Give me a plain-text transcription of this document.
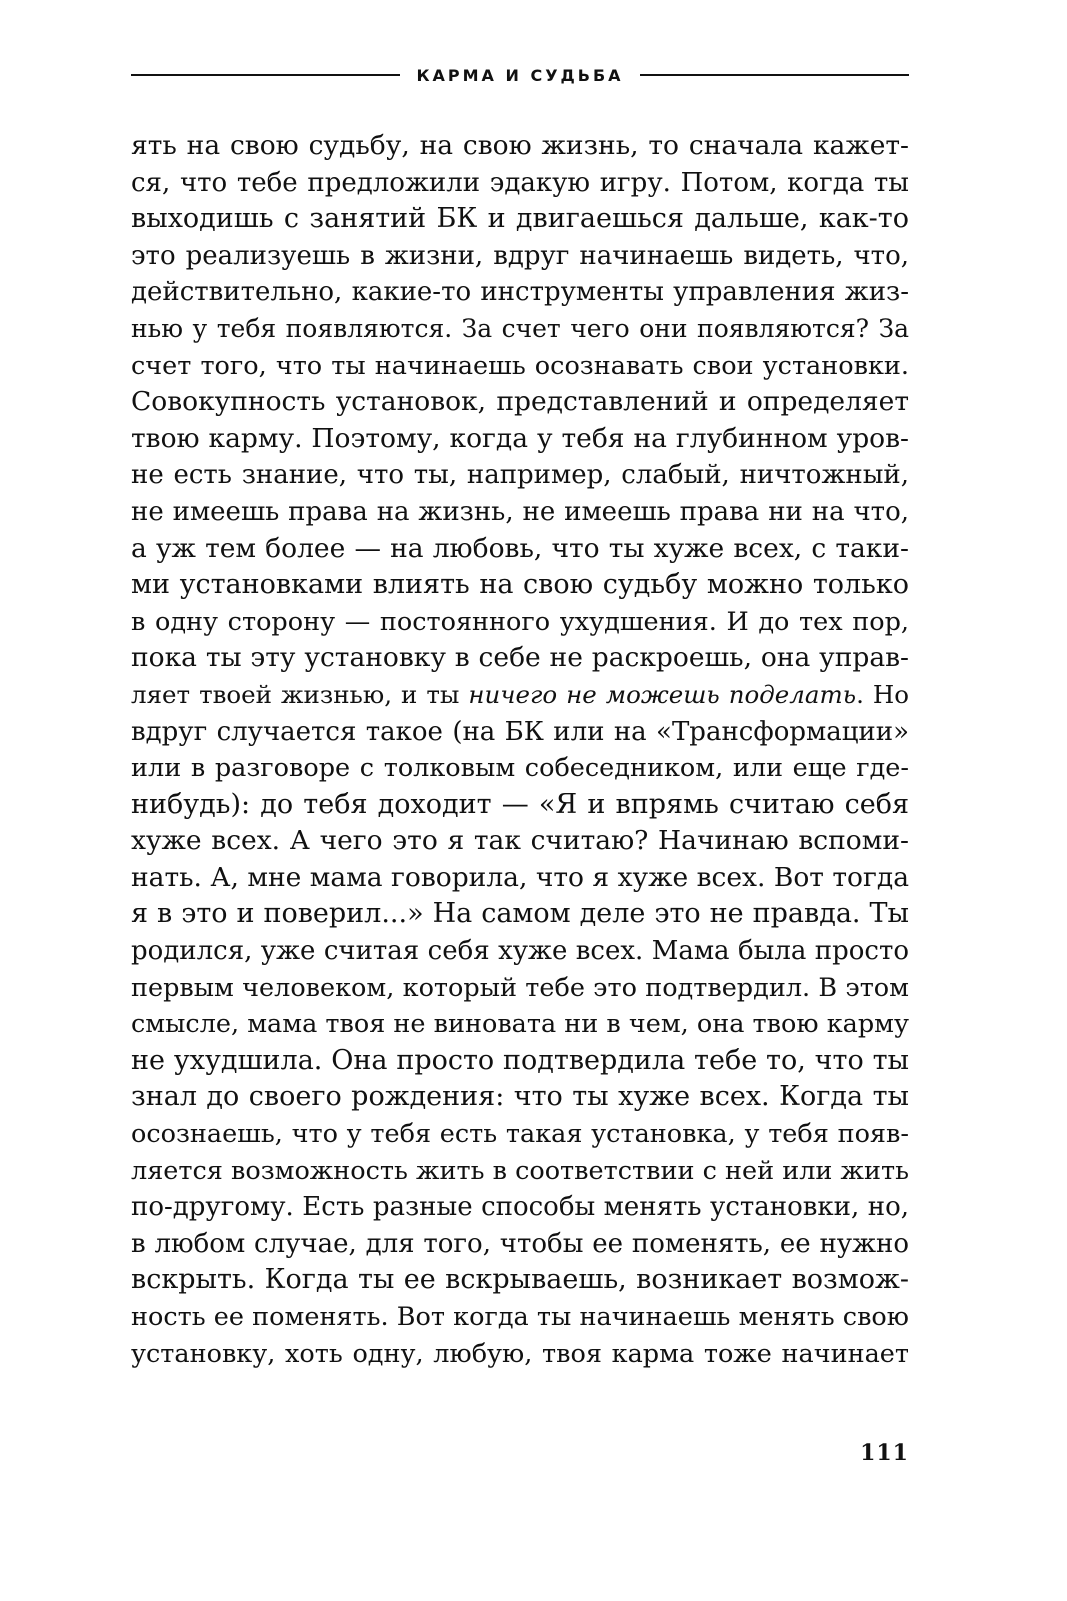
КАРМА И СУДЬБА
ять на свою судьбу, на свою жизнь, то сначала кажет-
ся, что тебе предложили эдакую игру. Потом, когда ты
выходишь с занятий БК и двигаешься дальше, как-то
это реализуешь в жизни, вдруг начинаешь видеть, что,
действительно, какие-то инструменты управления жиз-
нью у тебя появляются. За счет чего они появляются? За
счет того, что ты начинаешь осознавать свои установки.
Совокупность установок, представлений и определяет
твою карму. Поэтому, когда у тебя на глубинном уров-
не есть знание, что ты, например, слабый, ничтожный,
не имеешь права на жизнь, не имеешь права ни на что,
а уж тем более — на любовь, что ты хуже всех, с таки-
ми установками влиять на свою судьбу можно только
в одну сторону — постоянного ухудшения. И до тех пор,
пока ты эту установку в себе не раскроешь, она управ-
ляет твоей жизнью, и ты ничего не можешь поделать. Но
вдруг случается такое (на БК или на «Трансформации»
или в разговоре с толковым собеседником, или еще где-
нибудь): до тебя доходит — «Я и впрямь считаю себя
хуже всех. А чего это я так считаю? Начинаю вспоми-
нать. А, мне мама говорила, что я хуже всех. Вот тогда
я в это и поверил...» На самом деле это не правда. Ты
родился, уже считая себя хуже всех. Мама была просто
первым человеком, который тебе это подтвердил. В этом
смысле, мама твоя не виновата ни в чем, она твою карму
не ухудшила. Она просто подтвердила тебе то, что ты
знал до своего рождения: что ты хуже всех. Когда ты
осознаешь, что у тебя есть такая установка, у тебя появ-
ляется возможность жить в соответствии с ней или жить
по-другому. Есть разные способы менять установки, но,
в любом случае, для того, чтобы ее поменять, ее нужно
вскрыть. Когда ты ее вскрываешь, возникает возмож-
ность ее поменять. Вот когда ты начинаешь менять свою
установку, хоть одну, любую, твоя карма тоже начинает
111
